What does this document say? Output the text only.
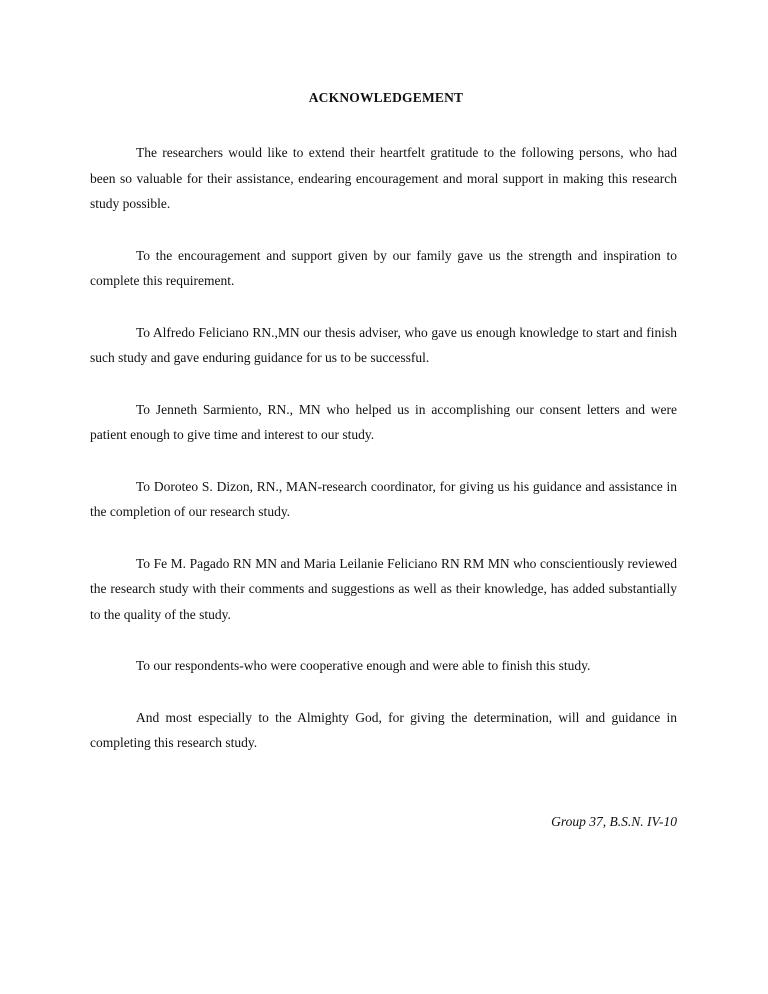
ACKNOWLEDGEMENT

The researchers would like to extend their heartfelt gratitude to the following persons, who had been so valuable for their assistance, endearing encouragement and moral support in making this research study possible.

To the encouragement and support given by our family gave us the strength and inspiration to complete this requirement.

To Alfredo Feliciano RN.,MN our thesis adviser, who gave us enough knowledge to start and finish such study and gave enduring guidance for us to be successful.

To Jenneth Sarmiento, RN., MN who helped us in accomplishing our consent letters and were patient enough to give time and interest to our study.

To Doroteo S. Dizon, RN., MAN-research coordinator, for giving us his guidance and assistance in the completion of our research study.

To Fe M. Pagado RN MN and Maria Leilanie Feliciano RN RM MN who conscientiously reviewed the research study with their comments and suggestions as well as their knowledge, has added substantially to the quality of the study.

To our respondents-who were cooperative enough and were able to finish this study.

And most especially to the Almighty God, for giving the determination, will and guidance in completing this research study.

Group 37, B.S.N. IV-10
